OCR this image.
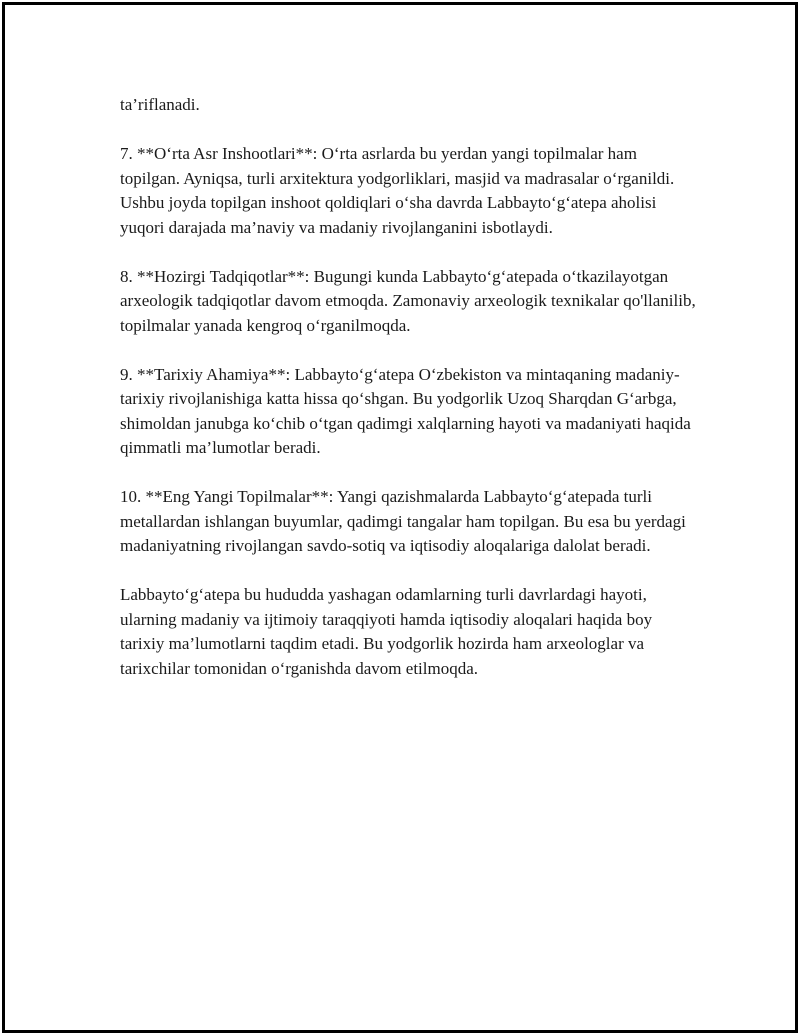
ta’riflanadi.

7. **O‘rta Asr Inshootlari**: O‘rta asrlarda bu yerdan yangi topilmalar ham topilgan. Ayniqsa, turli arxitektura yodgorliklari, masjid va madrasalar o‘rganildi. Ushbu joyda topilgan inshoot qoldiqlari o‘sha davrda Labbayto‘g‘atepa aholisi yuqori darajada ma’naviy va madaniy rivojlanganini isbotlaydi.

8. **Hozirgi Tadqiqotlar**: Bugungi kunda Labbayto‘g‘atepada o‘tkazilayotgan arxeologik tadqiqotlar davom etmoqda. Zamonaviy arxeologik texnikalar qo'llanilib, topilmalar yanada kengroq o‘rganilmoqda.

9. **Tarixiy Ahamiya**: Labbayto‘g‘atepa O‘zbekiston va mintaqaning madaniy-tarixiy rivojlanishiga katta hissa qo‘shgan. Bu yodgorlik Uzoq Sharqdan G‘arbga, shimoldan janubga ko‘chib o‘tgan qadimgi xalqlarning hayoti va madaniyati haqida qimmatli ma’lumotlar beradi.

10. **Eng Yangi Topilmalar**: Yangi qazishmalarda Labbayto‘g‘atepada turli metallardan ishlangan buyumlar, qadimgi tangalar ham topilgan. Bu esa bu yerdagi madaniyatning rivojlangan savdo-sotiq va iqtisodiy aloqalariga dalolat beradi.

Labbayto‘g‘atepa bu hududda yashagan odamlarning turli davrlardagi hayoti, ularning madaniy va ijtimoiy taraqqiyoti hamda iqtisodiy aloqalari haqida boy tarixiy ma’lumotlarni taqdim etadi. Bu yodgorlik hozirda ham arxeologlar va tarixchilar tomonidan o‘rganishda davom etilmoqda.
